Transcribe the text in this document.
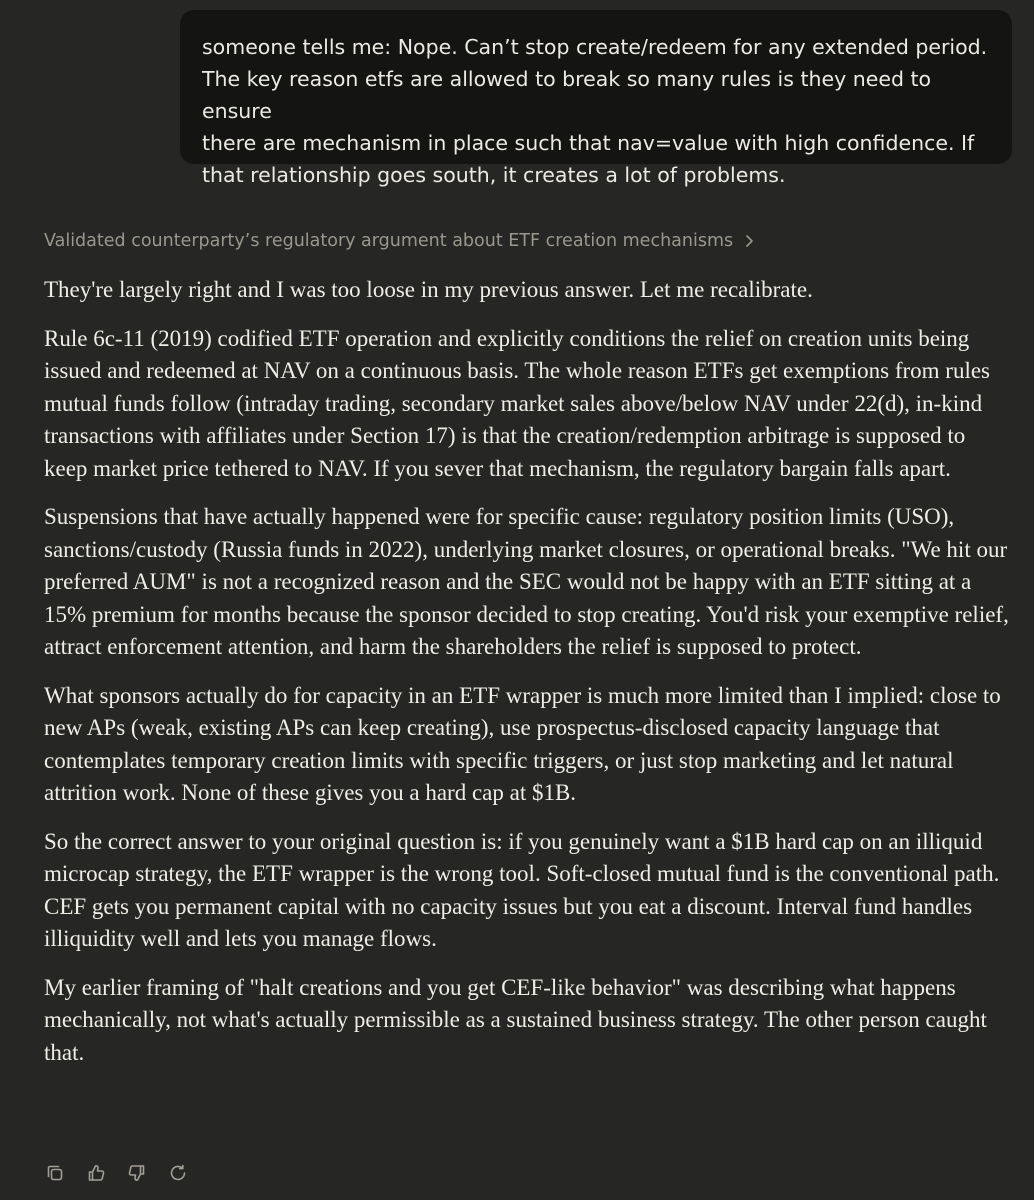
someone tells me: Nope. Can’t stop create/redeem for any extended period.
The key reason etfs are allowed to break so many rules is they need to ensure
there are mechanism in place such that nav=value with high confidence. If
that relationship goes south, it creates a lot of problems.

Validated counterparty’s regulatory argument about ETF creation mechanisms

They're largely right and I was too loose in my previous answer. Let me recalibrate.

Rule 6c-11 (2019) codified ETF operation and explicitly conditions the relief on creation units being issued and redeemed at NAV on a continuous basis. The whole reason ETFs get exemptions from rules mutual funds follow (intraday trading, secondary market sales above/below NAV under 22(d), in-kind transactions with affiliates under Section 17) is that the creation/redemption arbitrage is supposed to keep market price tethered to NAV. If you sever that mechanism, the regulatory bargain falls apart.

Suspensions that have actually happened were for specific cause: regulatory position limits (USO), sanctions/custody (Russia funds in 2022), underlying market closures, or operational breaks. "We hit our preferred AUM" is not a recognized reason and the SEC would not be happy with an ETF sitting at a 15% premium for months because the sponsor decided to stop creating. You'd risk your exemptive relief, attract enforcement attention, and harm the shareholders the relief is supposed to protect.

What sponsors actually do for capacity in an ETF wrapper is much more limited than I implied: close to new APs (weak, existing APs can keep creating), use prospectus-disclosed capacity language that contemplates temporary creation limits with specific triggers, or just stop marketing and let natural attrition work. None of these gives you a hard cap at $1B.

So the correct answer to your original question is: if you genuinely want a $1B hard cap on an illiquid microcap strategy, the ETF wrapper is the wrong tool. Soft-closed mutual fund is the conventional path. CEF gets you permanent capital with no capacity issues but you eat a discount. Interval fund handles illiquidity well and lets you manage flows.

My earlier framing of "halt creations and you get CEF-like behavior" was describing what happens mechanically, not what's actually permissible as a sustained business strategy. The other person caught that.
